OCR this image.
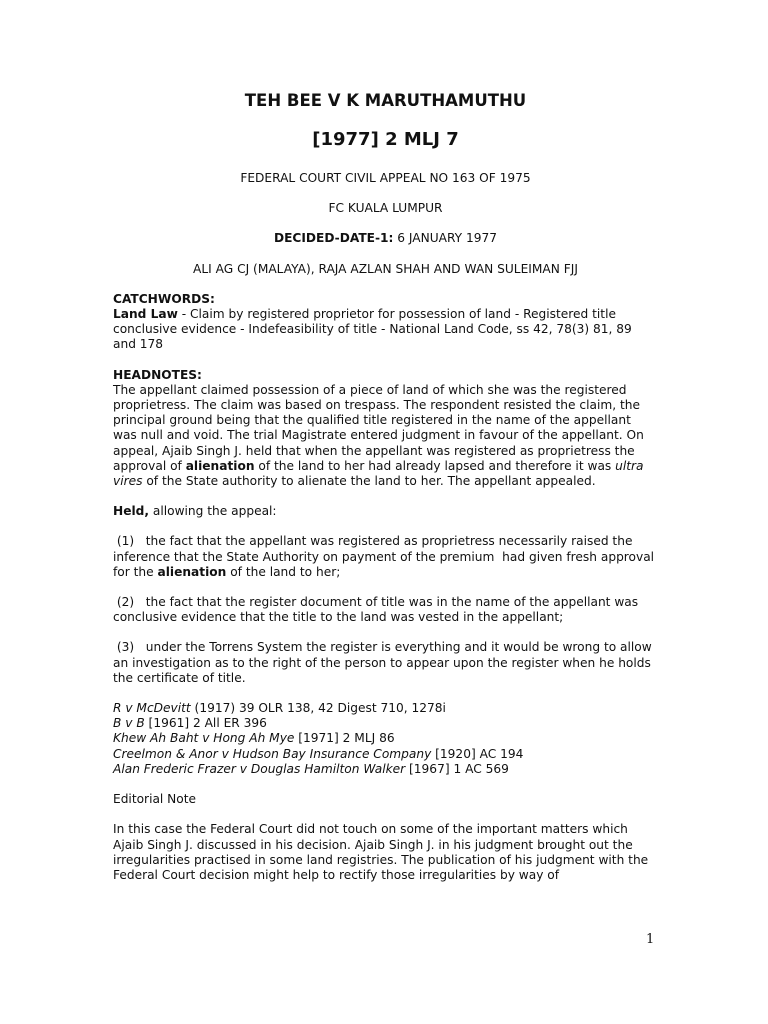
TEH BEE V K MARUTHAMUTHU

[1977] 2 MLJ 7

FEDERAL COURT CIVIL APPEAL NO 163 OF 1975

FC KUALA LUMPUR

DECIDED-DATE-1: 6 JANUARY 1977

ALI AG CJ (MALAYA), RAJA AZLAN SHAH AND WAN SULEIMAN FJJ

CATCHWORDS:

Land Law - Claim by registered proprietor for possession of land - Registered title conclusive evidence - Indefeasibility of title - National Land Code, ss 42, 78(3) 81, 89 and 178

HEADNOTES:

The appellant claimed possession of a piece of land of which she was the registered proprietress. The claim was based on trespass. The respondent resisted the claim, the principal ground being that the qualified title registered in the name of the appellant was null and void. The trial Magistrate entered judgment in favour of the appellant. On appeal, Ajaib Singh J. held that when the appellant was registered as proprietress the approval of alienation of the land to her had already lapsed and therefore it was ultra vires of the State authority to alienate the land to her. The appellant appealed.

Held, allowing the appeal:

(1)   the fact that the appellant was registered as proprietress necessarily raised the inference that the State Authority on payment of the premium  had given fresh approval for the alienation of the land to her;

(2)   the fact that the register document of title was in the name of the appellant was conclusive evidence that the title to the land was vested in the appellant;

(3)   under the Torrens System the register is everything and it would be wrong to allow an investigation as to the right of the person to appear upon the register when he holds the certificate of title.

R v McDevitt (1917) 39 OLR 138, 42 Digest 710, 1278i

B v B [1961] 2 All ER 396

Khew Ah Baht v Hong Ah Mye [1971] 2 MLJ 86

Creelmon & Anor v Hudson Bay Insurance Company [1920] AC 194

Alan Frederic Frazer v Douglas Hamilton Walker [1967] 1 AC 569

Editorial Note

In this case the Federal Court did not touch on some of the important matters which Ajaib Singh J. discussed in his decision. Ajaib Singh J. in his judgment brought out the irregularities practised in some land registries. The publication of his judgment with the Federal Court decision might help to rectify those irregularities by way of

1
